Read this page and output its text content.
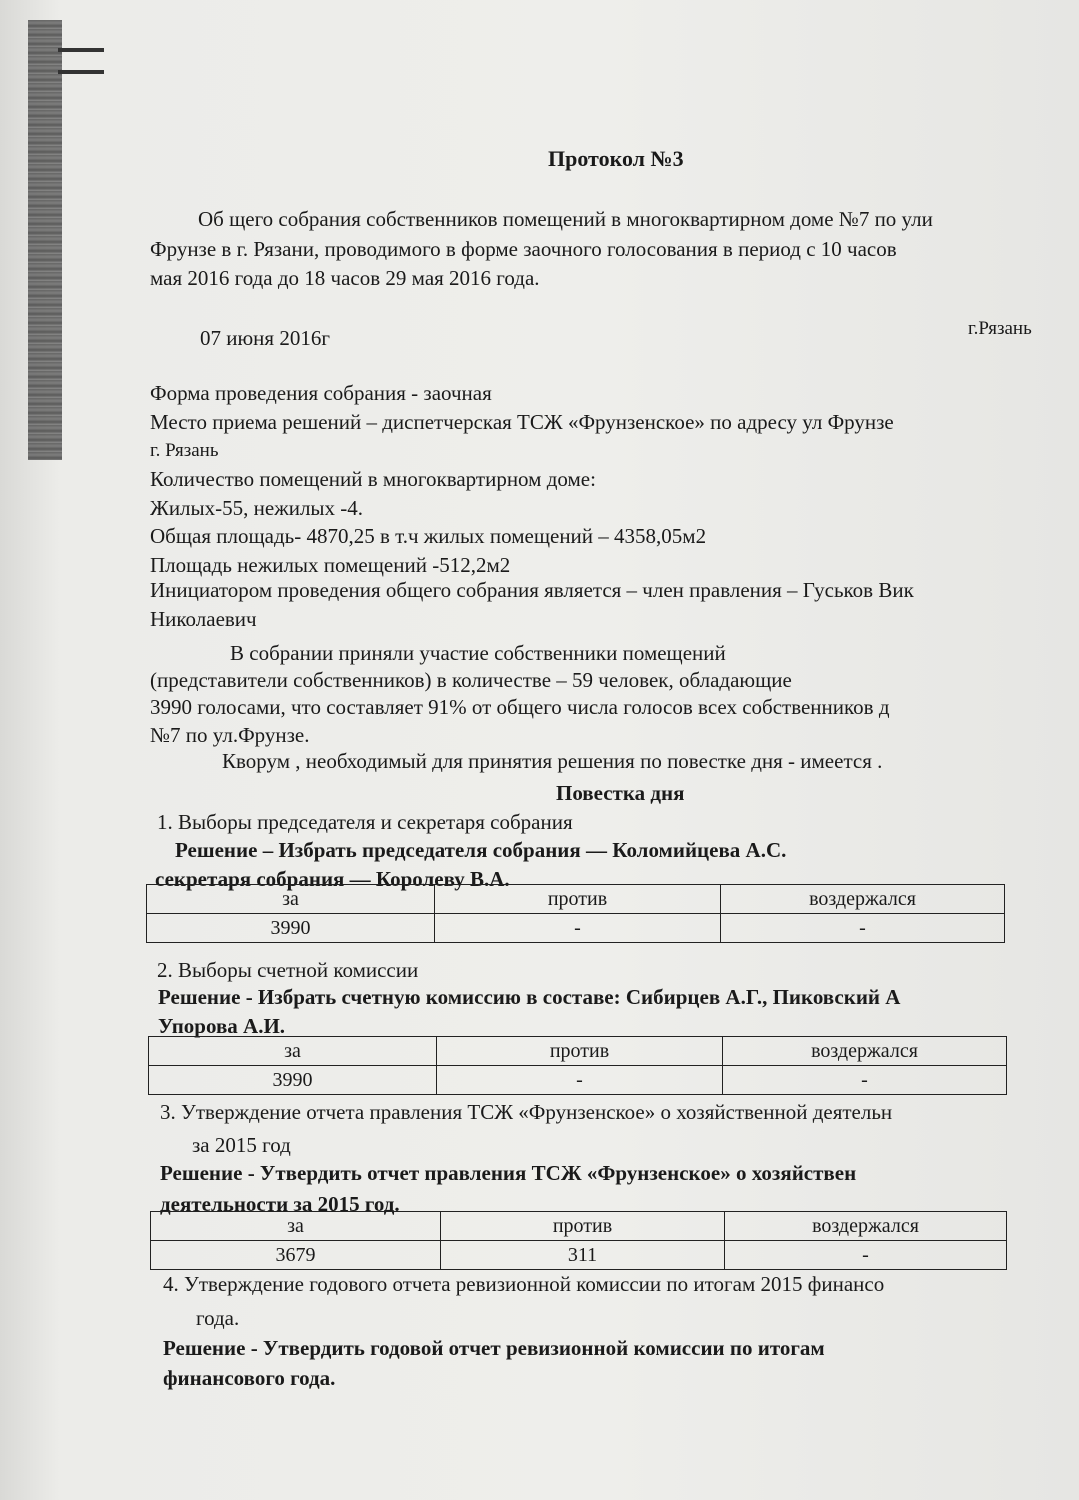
Протокол №3
Об щего собрания собственников помещений в многоквартирном доме №7 по ули
Фрунзе в г. Рязани, проводимого в форме заочного голосования в период с 10 часов
мая 2016 года до 18 часов 29 мая 2016 года.
07 июня 2016г	г.Рязань
Форма проведения собрания - заочная
Место приема решений – диспетчерская ТСЖ «Фрунзенское» по адресу ул Фрунзе
г. Рязань
Количество помещений в многоквартирном доме:
Жилых-55, нежилых -4.
Общая площадь- 4870,25 в т.ч жилых помещений – 4358,05м2
Площадь нежилых помещений -512,2м2
Инициатором проведения общего собрания является – член правления – Гуськов Вик
Николаевич
В собрании приняли участие собственники помещений
(представители собственников) в количестве – 59 человек, обладающие
3990 голосами, что составляет 91% от общего числа голосов всех собственников д
№7 по ул.Фрунзе.
Кворум , необходимый для принятия решения по повестке дня - имеется .
Повестка дня
1. Выборы председателя и секретаря собрания
Решение – Избрать председателя собрания — Коломийцева А.С.
секретаря собрания — Королеву В.А.
за	против	воздержался
3990	-	-
2. Выборы счетной комиссии
Решение - Избрать счетную комиссию в составе: Сибирцев А.Г., Пиковский А
Упорова А.И.
за	против	воздержался
3990	-	-
3. Утверждение отчета правления ТСЖ «Фрунзенское» о хозяйственной деятельн
за 2015 год
Решение - Утвердить отчет правления ТСЖ «Фрунзенское» о хозяйствен
деятельности за 2015 год.
за	против	воздержался
3679	311	-
4. Утверждение годового отчета ревизионной комиссии по итогам 2015 финансо
года.
Решение - Утвердить годовой отчет ревизионной комиссии по итогам
финансового года.
